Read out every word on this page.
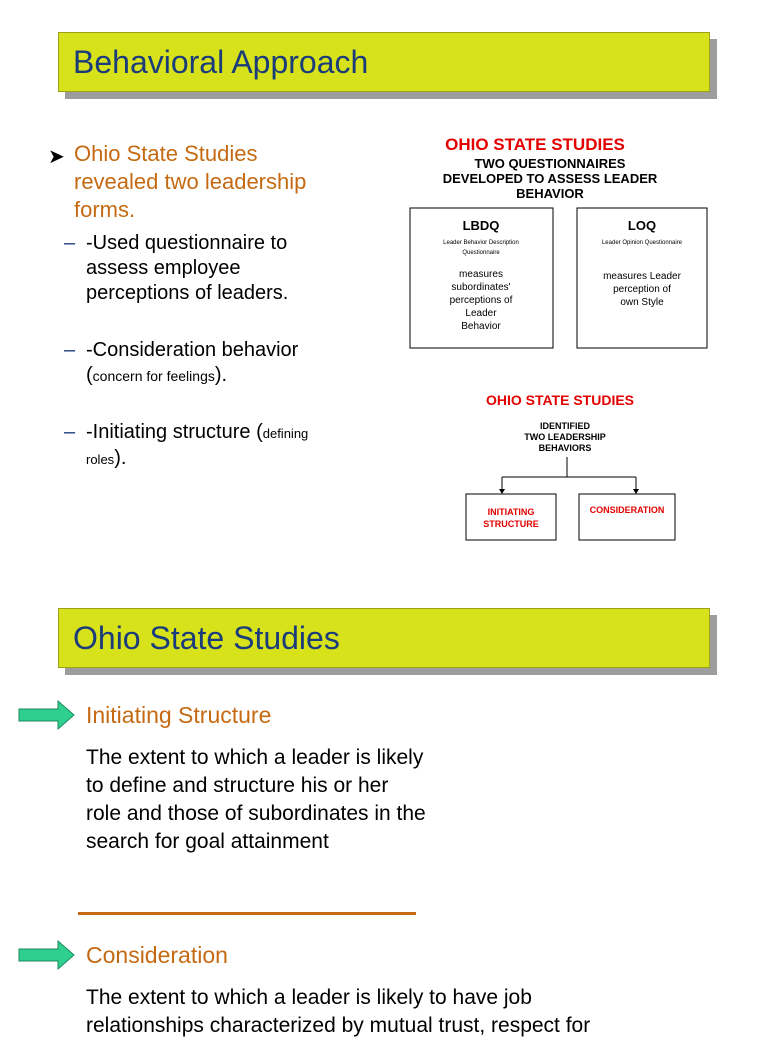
Behavioral Approach
➤ Ohio State Studies revealed two leadership forms.
– -Used questionnaire to assess employee perceptions of leaders.
– -Consideration behavior (concern for feelings).
– -Initiating structure (defining roles).
OHIO STATE STUDIES
TWO QUESTIONNAIRES
DEVELOPED TO ASSESS LEADER
BEHAVIOR
LBDQ
Leader Behavior Description
Questionnaire
measures
subordinates'
perceptions of
Leader
Behavior
LOQ
Leader Opinion Questionnaire
measures Leader
perception of
own Style
OHIO STATE STUDIES
IDENTIFIED
TWO LEADERSHIP
BEHAVIORS
INITIATING
STRUCTURE
CONSIDERATION
Ohio State Studies
Initiating Structure
The extent to which a leader is likely
to define and structure his or her
role and those of subordinates in the
search for goal attainment
Consideration
The extent to which a leader is likely to have job
relationships characterized by mutual trust, respect for
